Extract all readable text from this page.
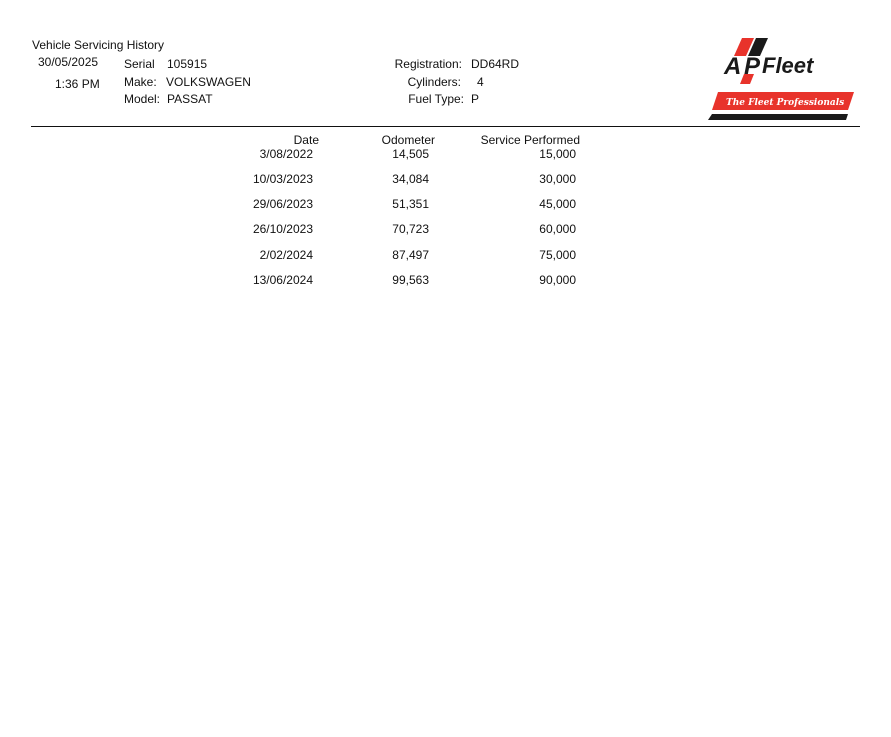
Vehicle Servicing History
30/05/2025
1:36 PM
Serial 105915
Make: VOLKSWAGEN
Model: PASSAT
Registration: DD64RD
Cylinders: 4
Fuel Type: P
A P Fleet
The Fleet Professionals
Date	Odometer	Service Performed
3/08/2022	14,505	15,000
10/03/2023	34,084	30,000
29/06/2023	51,351	45,000
26/10/2023	70,723	60,000
2/02/2024	87,497	75,000
13/06/2024	99,563	90,000
